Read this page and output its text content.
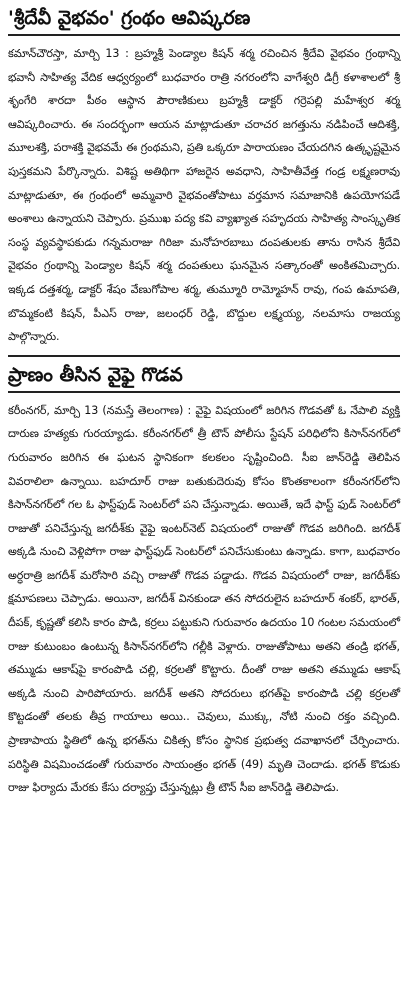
'శ్రీదేవీ వైభవం' గ్రంథం ఆవిష్కరణ

కమాన్‌చౌరస్తా, మార్చి 13 : బ్రహ్మశ్రీ పెండ్యాల కిషన్ శర్మ రచించిన శ్రీదేవి వైభవం గ్రంథాన్ని భవానీ సాహిత్య వేదిక ఆధ్వర్యంలో బుధవారం రాత్రి నగరంలోని వాగేశ్వరి డిగ్రీ కళాశాలలో శ్రీ శృంగేరి శారదా పీఠం ఆస్థాన పౌరాణికులు బ్రహ్మశ్రీ డాక్టర్ గర్రెపల్లి మహేశ్వర శర్మ ఆవిష్కరించారు. ఈ సందర్భంగా ఆయన మాట్లాడుతూ చరాచర జగత్తును నడిపించే ఆదిశక్తి, మూలశక్తి, పరాశక్తి వైభవమే ఈ గ్రంథమని, ప్రతి ఒక్కరూ పారాయణం చేయదగిన ఉత్కృష్టమైన పుస్తకమని పేర్కొన్నారు. విశిష్ట అతిథిగా హాజరైన అవధాని, సాహితీవేత్త గండ్ర లక్ష్మణరావు మాట్లాడుతూ, ఈ గ్రంథంలో అమ్మవారి వైభవంతోపాటు వర్తమాన సమాజానికి ఉపయోగపడే అంశాలు ఉన్నాయని చెప్పారు. ప్రముఖ పద్య కవి వ్యాఖ్యాత సహృదయ సాహిత్య సాంస్కృతిక సంస్థ వ్యవస్థాపకుడు గన్నమరాజు గిరిజా మనోహరబాబు దంపతులకు తాను రాసిన శ్రీదేవి వైభవం గ్రంథాన్ని పెండ్యాల కిషన్ శర్మ దంపతులు ఘనమైన సత్కారంతో అంకితమిచ్చారు. ఇక్కడ దత్తశర్మ, డాక్టర్ శేషం వేణుగోపాల శర్మ, తుమ్మూరి రామ్మోహన్ రావు, గంప ఉమాపతి, బొమ్మకంటి కిషన్, పీఎస్ రాజు, జలంధర్ రెడ్డి, బొద్దుల లక్ష్మయ్య, నలమాసు రాజయ్య పాల్గొన్నారు.

ప్రాణం తీసిన వైఫై గొడవ

కరీంనగర్, మార్చి 13 (నమస్తే తెలంగాణ) : వైఫై విషయంలో జరిగిన గొడవతో ఓ నేపాలి వ్యక్తి దారుణ హత్యకు గురయ్యాడు. కరీంనగర్‌లో త్రీ టౌన్ పోలీసు స్టేషన్ పరిధిలోని కిసాన్‌నగర్‌లో గురువారం జరిగిన ఈ ఘటన స్థానికంగా కలకలం సృష్టించింది. సీఐ జాన్‌రెడ్డి తెలిపిన వివరాలిలా ఉన్నాయి. బహదూర్ రాజు బతుకుదెరువు కోసం కొంతకాలంగా కరీంనగర్‌లోని కిసాన్‌నగర్‌లో గల ఓ ఫాస్ట్‌ఫుడ్ సెంటర్‌లో పని చేస్తున్నాడు. అయితే, ఇదే ఫాస్ట్ ఫుడ్ సెంటర్‌లో రాజుతో పనిచేస్తున్న జగదీశ్‌కు వైఫై ఇంటర్‌నెట్ విషయంలో రాజుతో గొడవ జరిగింది. జగదీశ్ అక్కడి నుంచి వెళ్లిపోగా రాజు ఫాస్ట్‌ఫుడ్ సెంటర్‌లో పనిచేసుకుంటు ఉన్నాడు. కాగా, బుధవారం అర్ధరాత్రి జగదీశ్ మరోసారి వచ్చి రాజుతో గొడవ పడ్డాడు. గొడవ విషయంలో రాజు, జగదీశ్‌కు క్షమాపణలు చెప్పాడు. అయినా, జగదీశ్ వినకుండా తన సోదరులైన బహదూర్ శంకర్, భారత్, దీపక్, కృష్ణతో కలిసి కారం పొడి, కర్రలు పట్టుకుని గురువారం ఉదయం 10 గంటల సమయంలో రాజు కుటుంబం ఉంటున్న కిసాన్‌నగర్‌లోని గల్లీకి వెళ్లారు. రాజుతోపాటు అతని తండ్రి భగత్, తమ్ముడు ఆకాష్‌పై కారంపొడి చల్లి, కర్రలతో కొట్టారు. దీంతో రాజు అతని తమ్ముడు ఆకాష్ అక్కడి నుంచి పారిపోయారు. జగదీశ్ అతని సోదరులు భగత్‌పై కారంపొడి చల్లి కర్రలతో కొట్టడంతో తలకు తీవ్ర గాయాలు అయి.. చెవులు, ముక్కు, నోటి నుంచి రక్తం వచ్చింది. ప్రాణాపాయ స్థితిలో ఉన్న భగత్‌ను చికిత్స కోసం స్థానిక ప్రభుత్వ దవాఖానలో చేర్పించారు. పరిస్థితి విషమించడంతో గురువారం సాయంత్రం భగత్ (49) మృతి చెందాడు. భగత్ కొడుకు రాజు ఫిర్యాదు మేరకు కేసు దర్యాప్తు చేస్తున్నట్లు త్రీ టౌన్ సీఐ జాన్‌రెడ్డి తెలిపాడు.
